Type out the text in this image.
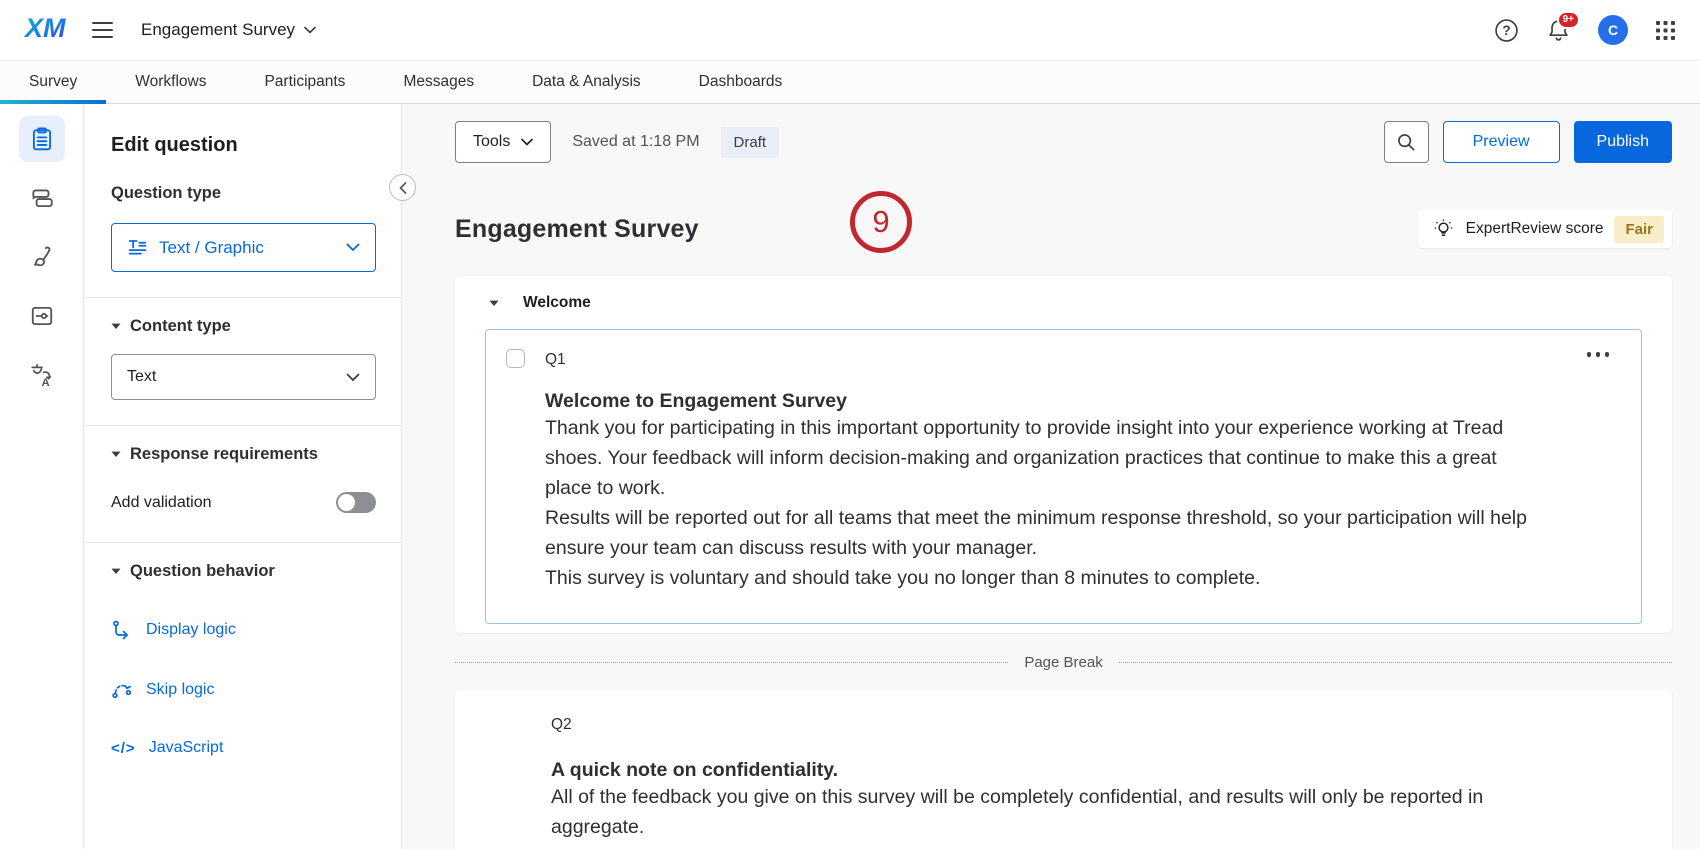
XM	Engagement Survey	?
9+
C
Survey	Workflows	Participants	Messages	Data & Analysis	Dashboards
A
Edit question
Question type
Text / Graphic
Content type
Text
Response requirements
Add validation
Question behavior
Display logic
Skip logic
</> JavaScript
Tools	Saved at 1:18 PM	Draft	Preview	Publish
Engagement Survey	ExpertReview score	Fair
9
Welcome
Q1
Welcome to Engagement Survey

Thank you for participating in this important opportunity to provide insight into your experience working at Tread shoes. Your feedback will inform decision-making and organization practices that continue to make this a great place to work.

Results will be reported out for all teams that meet the minimum response threshold, so your participation will help ensure your team can discuss results with your manager.

This survey is voluntary and should take you no longer than 8 minutes to complete.

Page Break
Q2
A quick note on confidentiality.

All of the feedback you give on this survey will be completely confidential, and results will only be reported in aggregate.
